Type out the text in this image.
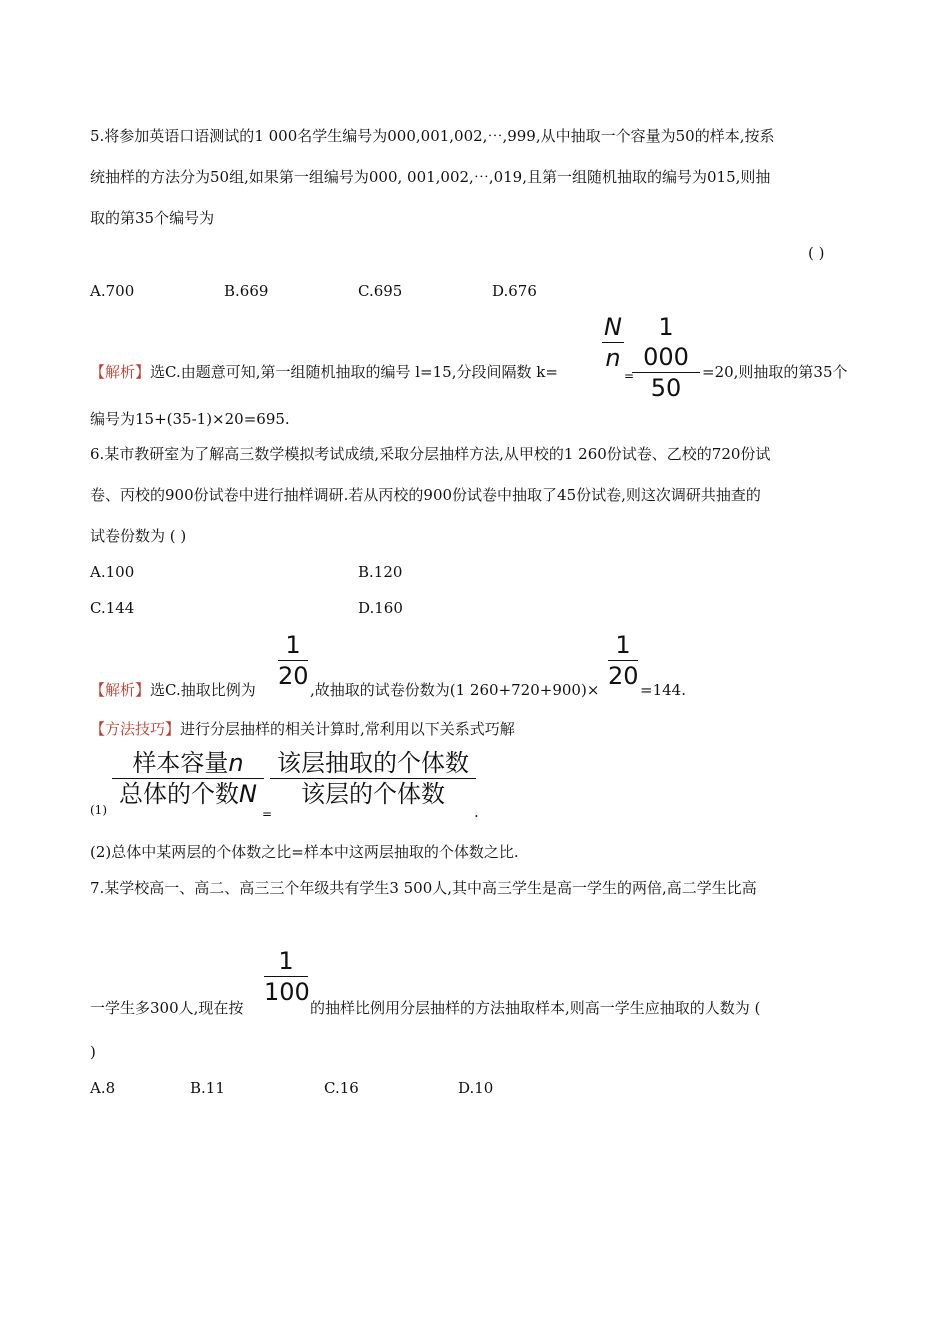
5.将参加英语口语测试的1 000名学生编号为000,001,002,⋯,999,从中抽取一个容量为50的样本,按系
统抽样的方法分为50组,如果第一组编号为000, 001,002,⋯,019,且第一组随机抽取的编号为015,则抽
取的第35个编号为
( )
A.700	B.669	C.695	D.676
【解析】选C.由题意可知,第一组随机抽取的编号 l=15,分段间隔数 k=
N
n
=
1 000
50
=20,则抽取的第35个
编号为15+(35-1)×20=695.
6.某市教研室为了解高三数学模拟考试成绩,采取分层抽样方法,从甲校的1 260份试卷、乙校的720份试
卷、丙校的900份试卷中进行抽样调研.若从丙校的900份试卷中抽取了45份试卷,则这次调研共抽查的
试卷份数为 ( )
A.100	B.120
C.144	D.160
【解析】选C.抽取比例为
1
20 ,故抽取的试卷份数为(1 260+720+900)×
1
20 =144.
【方法技巧】进行分层抽样的相关计算时,常利用以下关系式巧解
(1)
样本容量n
总体的个数N
=
该层抽取的个体数
该层的个体数
.
(2)总体中某两层的个体数之比=样本中这两层抽取的个体数之比.
7.某学校高一、高二、高三三个年级共有学生3 500人,其中高三学生是高一学生的两倍,高二学生比高
一学生多300人,现在按
1
100
的抽样比例用分层抽样的方法抽取样本,则高一学生应抽取的人数为 (
)
A.8	B.11	C.16	D.10
